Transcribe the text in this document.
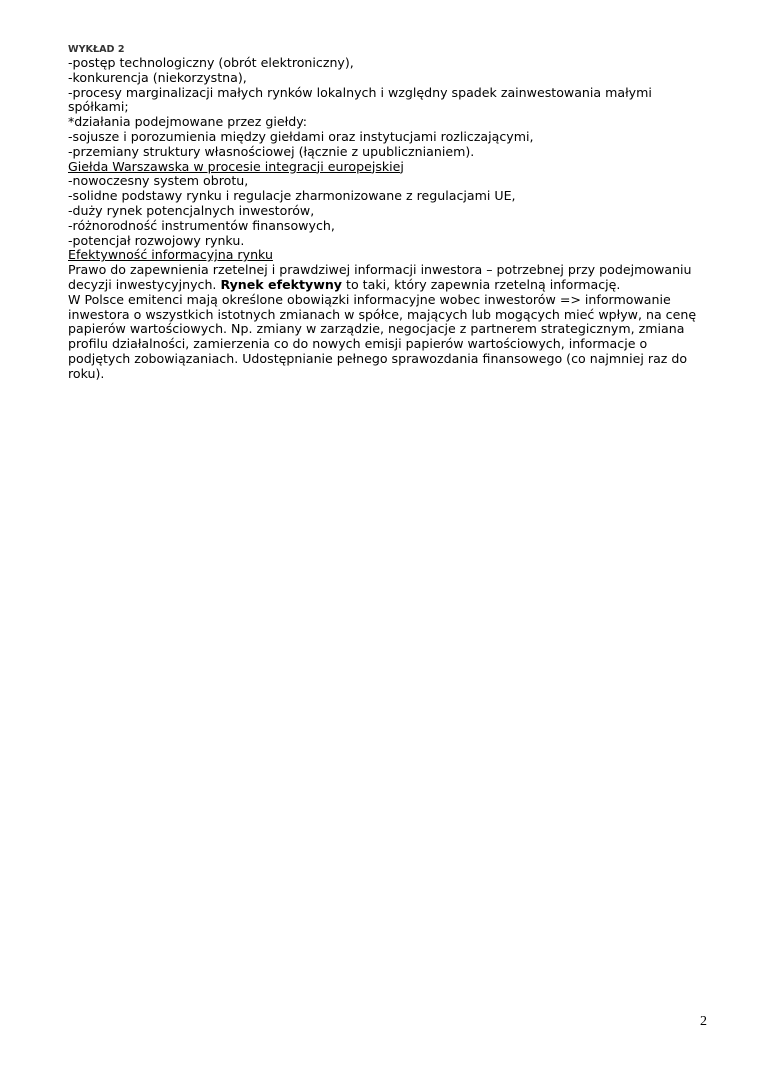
WYKŁAD 2
-postęp technologiczny (obrót elektroniczny),
-konkurencja (niekorzystna),
-procesy marginalizacji małych rynków lokalnych i względny spadek zainwestowania małymi spółkami;
*działania podejmowane przez giełdy:
-sojusze i porozumienia między giełdami oraz instytucjami rozliczającymi,
-przemiany struktury własnościowej (łącznie z upublicznianiem).
Giełda Warszawska w procesie integracji europejskiej
-nowoczesny system obrotu,
-solidne podstawy rynku i regulacje zharmonizowane z regulacjami UE,
-duży rynek potencjalnych inwestorów,
-różnorodność instrumentów finansowych,
-potencjał rozwojowy rynku.
Efektywność informacyjna rynku
Prawo do zapewnienia rzetelnej i prawdziwej informacji inwestora – potrzebnej przy podejmowaniu decyzji inwestycyjnych. Rynek efektywny to taki, który zapewnia rzetelną informację.
W Polsce emitenci mają określone obowiązki informacyjne wobec inwestorów => informowanie inwestora o wszystkich istotnych zmianach w spółce, mających lub mogących mieć wpływ, na cenę papierów wartościowych. Np. zmiany w zarządzie, negocjacje z partnerem strategicznym, zmiana profilu działalności, zamierzenia co do nowych emisji papierów wartościowych, informacje o podjętych zobowiązaniach. Udostępnianie pełnego sprawozdania finansowego (co najmniej raz do roku).
2
